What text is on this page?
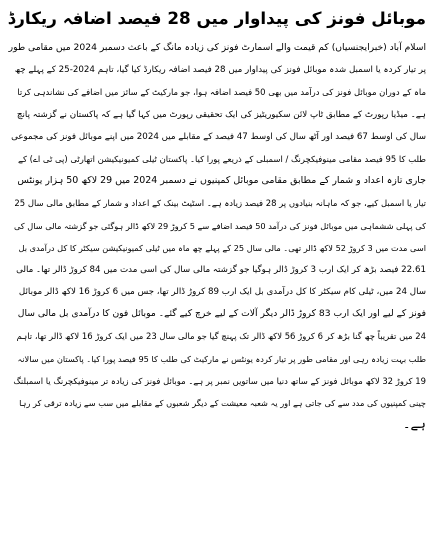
موبائل فونز کی پیداوار میں 28 فیصد اضافہ ریکارڈ

اسلام آباد (خبرایجنسیاں) کم قیمت والے اسمارٹ فونز کی زیادہ مانگ کے باعث دسمبر 2024 میں مقامی طور

پر تیار کردہ یا اسمبل شدہ موبائل فونز کی پیداوار میں 28 فیصد اضافہ ریکارڈ کیا گیا، تاہم 2024-25 کے پہلے چھ

ماہ کے دوران موبائل فونز کی درآمد میں بھی 50 فیصد اضافہ ہوا، جو مارکیٹ کے سائز میں اضافے کی نشاندہی کرتا

ہے۔ میڈیا رپورٹ کے مطابق ٹاپ لائن سکیوریٹیز کی ایک تحقیقی رپورٹ میں کہا گیا ہے کہ پاکستان نے گزشتہ پانچ

سال کی اوسط 67 فیصد اور آٹھ سال کی اوسط 47 فیصد کے مقابلے میں 2024 میں اپنے موبائل فونز کی مجموعی

طلب کا 95 فیصد مقامی مینوفیکچرنگ / اسمبلی کے ذریعے پورا کیا۔ پاکستان ٹیلی کمیونیکیشن اتھارٹی (پی ٹی اے) کے

جاری تازہ اعداد و شمار کے مطابق مقامی موبائل کمپنیوں نے دسمبر 2024 میں 29 لاکھ 50 ہزار یونٹس

تیار یا اسمبل کیے، جو کہ ماہانہ بنیادوں پر 28 فیصد زیادہ ہے۔ اسٹیٹ بینک کے اعداد و شمار کے مطابق مالی سال 25

کی پہلی ششماہی میں موبائل فونز کی درآمد 50 فیصد اضافے سے 5 کروڑ 29 لاکھ ڈالر ہوگئی جو گزشتہ مالی سال کی

اسی مدت میں 3 کروڑ 52 لاکھ ڈالر تھی۔ مالی سال 25 کے پہلے چھ ماہ میں ٹیلی کمیونیکیشن سیکٹر کا کل درآمدی بل

22.61 فیصد بڑھ کر ایک ارب 3 کروڑ ڈالر ہوگیا جو گزشتہ مالی سال کی اسی مدت میں 84 کروڑ ڈالر تھا۔ مالی

سال 24 میں، ٹیلی کام سیکٹر کا کل درآمدی بل ایک ارب 89 کروڑ ڈالر تھا، جس میں 6 کروڑ 16 لاکھ ڈالر موبائل

فونز کے لیے اور ایک ارب 83 کروڑ ڈالر دیگر آلات کے لیے خرچ کیے گئے۔ موبائل فون کا درآمدی بل مالی سال

24 میں تقریباً چھ گنا بڑھ کر 6 کروڑ 56 لاکھ ڈالر تک پہنچ گیا جو مالی سال 23 میں ایک کروڑ 16 لاکھ ڈالر تھا، تاہم

طلب بہت زیادہ رہی اور مقامی طور پر تیار کردہ یونٹس نے مارکیٹ کی طلب کا 95 فیصد پورا کیا۔ پاکستان میں سالانہ

19 کروڑ 32 لاکھ موبائل فونز کے ساتھ دنیا میں ساتویں نمبر پر ہے۔ موبائل فونز کی زیادہ تر مینوفیکچرنگ یا اسمبلنگ

چینی کمپنیوں کی مدد سے کی جاتی ہے اور یہ شعبہ معیشت کے دیگر شعبوں کے مقابلے میں سب سے زیادہ ترقی کر رہا

ہے۔
